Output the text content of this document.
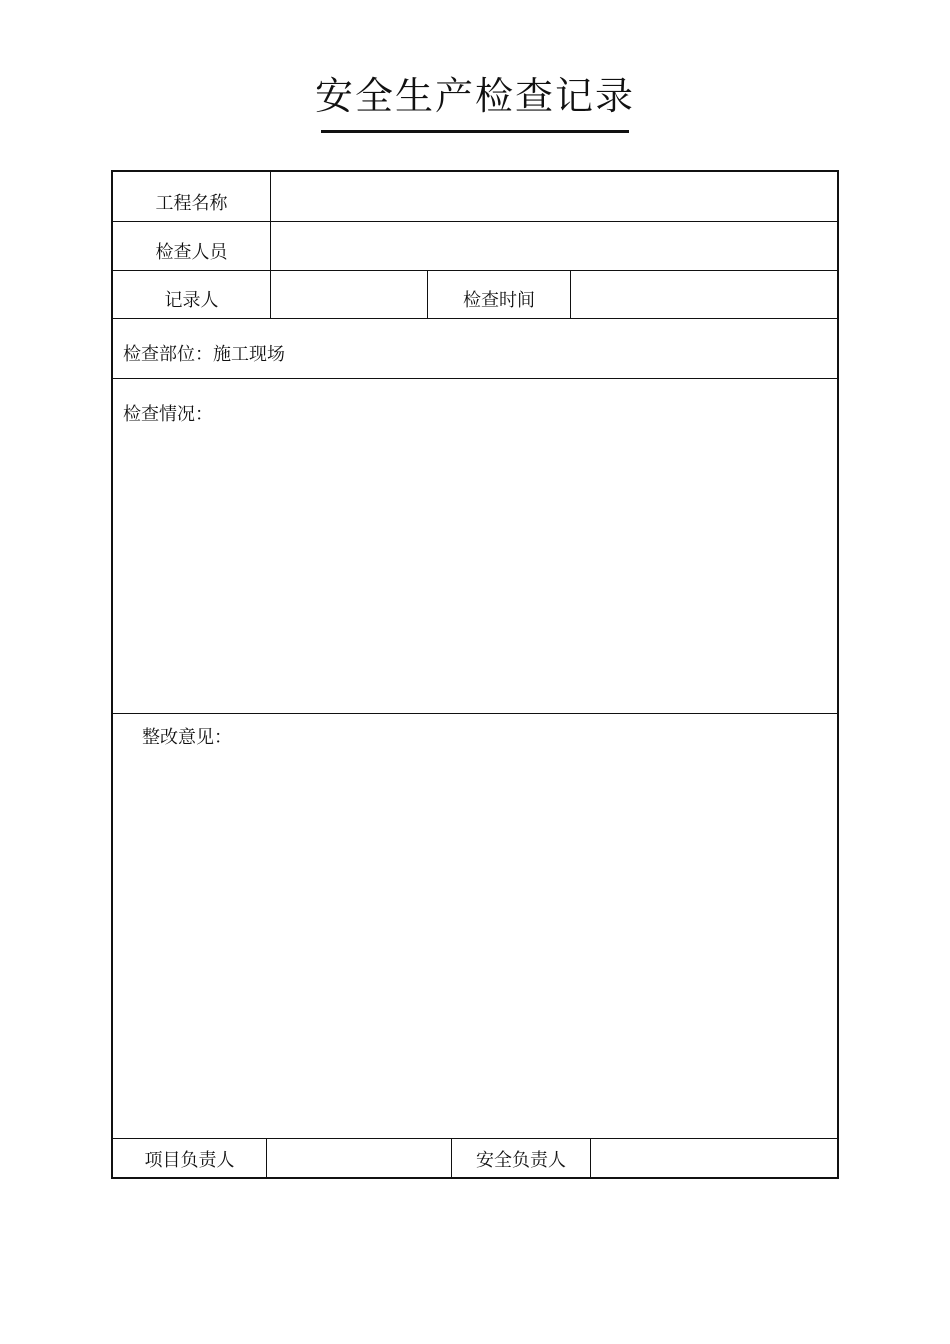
安全生产检查记录
工程名称
检查人员
记录人	检查时间
检查部位：施工现场
检查情况：
整改意见：
项目负责人	安全负责人
